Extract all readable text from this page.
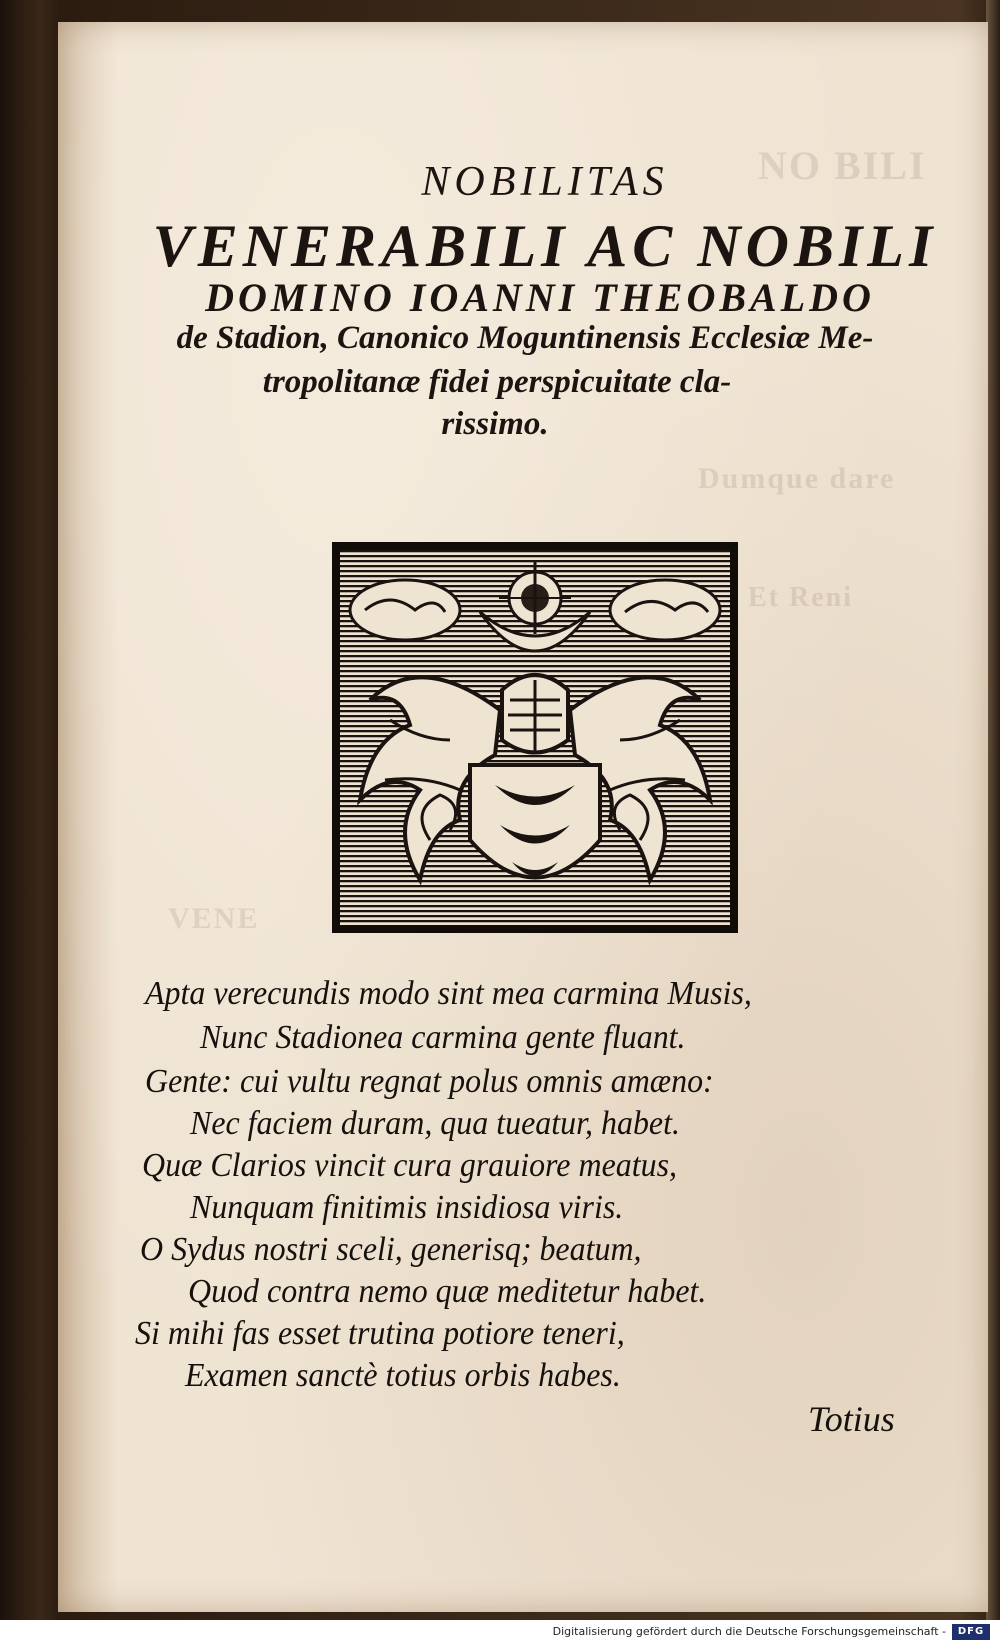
NO BILI
Dumque dare
Et Reni
VENE
NOBILITAS
VENERABILI AC NOBILI
DOMINO IOANNI THEOBALDO
de Stadion, Canonico Moguntinensis Ecclesiæ Me-
tropolitanæ fidei perspicuitate cla-
rissimo.
Apta verecundis modo sint mea carmina Musis,
Nunc Stadionea carmina gente fluant.
Gente: cui vultu regnat polus omnis amæno:
Nec faciem duram, qua tueatur, habet.
Quæ Clarios vincit cura grauiore meatus,
Nunquam finitimis insidiosa viris.
O Sydus nostri sceli, generisq; beatum,
Quod contra nemo quæ meditetur habet.
Si mihi fas esset trutina potiore teneri,
Examen sanctè totius orbis habes.
Totius
Digitalisierung gefördert durch die Deutsche Forschungsgemeinschaft -	DFG
